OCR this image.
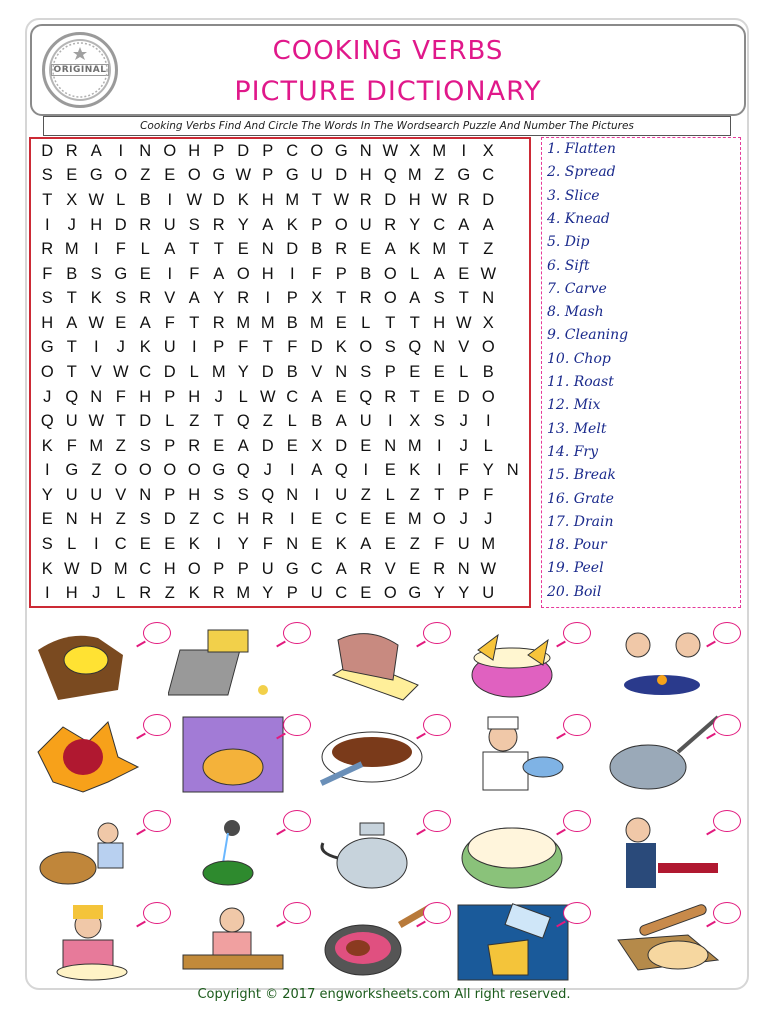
ORIGINAL
COOKING VERBS
PICTURE DICTIONARY
Cooking Verbs Find And Circle The Words In The Wordsearch Puzzle And Number The Pictures
D R A	I N O H P D P C O G N W X M I	X
S E G O Z E O G W P G U D H Q M Z G C
T X W L B	I W D K H M T W R D H W R D
I	J H D R U S R Y A K P O U R Y C A A
R M I	F L A T T E N D B R E A K M T Z
F B S G E	I	F A O H I	F P B O L A E W
S T K S R V A Y R I	P X T R O A S T N
H A W E A F T R M M B M E L T T H W X
G T	I	J K U I	P F T F D K O S Q N V O
O T V W C D L M Y D B V N S P E E L B
J Q N F H P H J L W C A E Q R T E D O
Q U W T D L Z T Q Z L B A U I	X S J	I
K F M Z S P R E A D E X D E N M I	J L
I G Z O O O O G Q J	I	A Q I	E K	I	F Y N
Y U U V N P H S S Q N I U Z L Z T P F
E N H Z S D Z C H R I	E C E E M O J J
S L	I C E E K	I	Y F N E K A E Z F U M
K W D M C H O P P U G C A R V E R N W
I H J L R Z K R M Y P U C E O G Y Y U
1. Flatten
2. Spread
3. Slice
4. Knead
5. Dip
6. Sift
7. Carve
8. Mash
9. Cleaning
10. Chop
11. Roast
12. Mix
13. Melt
14. Fry
15. Break
16. Grate
17. Drain
18. Pour
19. Peel
20. Boil
Copyright © 2017 engworksheets.com All right reserved.
